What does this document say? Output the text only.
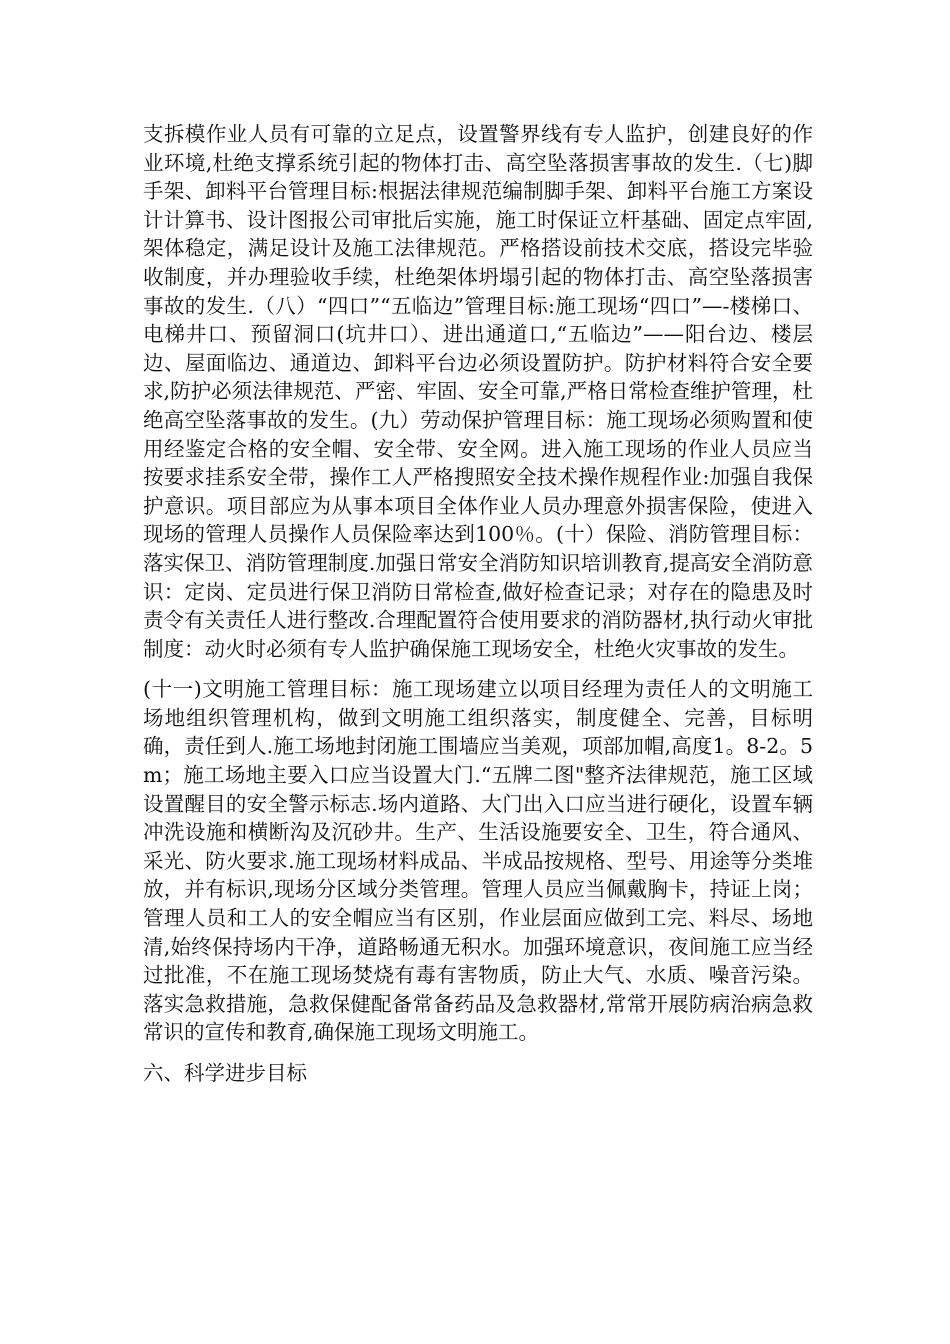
支拆模作业人员有可靠的立足点，设置警界线有专人监护，创建良好的作业环境,杜绝支撑系统引起的物体打击、高空坠落损害事故的发生.（七)脚手架、卸料平台管理目标:根据法律规范编制脚手架、卸料平台施工方案设计计算书、设计图报公司审批后实施，施工时保证立杆基础、固定点牢固,架体稳定，满足设计及施工法律规范。严格搭设前技术交底，搭设完毕验收制度，并办理验收手续，杜绝架体坍塌引起的物体打击、高空坠落损害事故的发生.（八）“四口”“五临边”管理目标:施工现场“四口”—-楼梯口、电梯井口、预留洞口(坑井口）、进出通道口,“五临边”——阳台边、楼层边、屋面临边、通道边、卸料平台边必须设置防护。防护材料符合安全要求,防护必须法律规范、严密、牢固、安全可靠,严格日常检查维护管理，杜绝高空坠落事故的发生。(九）劳动保护管理目标：施工现场必须购置和使用经鉴定合格的安全帽、安全带、安全网。进入施工现场的作业人员应当按要求挂系安全带，操作工人严格搜照安全技术操作规程作业:加强自我保护意识。项目部应为从事本项目全体作业人员办理意外损害保险，使进入现场的管理人员操作人员保险率达到100％。(十）保险、消防管理目标：落实保卫、消防管理制度.加强日常安全消防知识培训教育,提高安全消防意识：定岗、定员进行保卫消防日常检查,做好检查记录；对存在的隐患及时责令有关责任人进行整改.合理配置符合使用要求的消防器材,执行动火审批制度：动火时必须有专人监护确保施工现场安全，杜绝火灾事故的发生。

(十一)文明施工管理目标：施工现场建立以项目经理为责任人的文明施工场地组织管理机构，做到文明施工组织落实，制度健全、完善，目标明确，责任到人.施工场地封闭施工围墙应当美观，项部加帽,高度1。8-2。5m；施工场地主要入口应当设置大门.“五牌二图"整齐法律规范，施工区域设置醒目的安全警示标志.场内道路、大门出入口应当进行硬化，设置车辆冲洗设施和横断沟及沉砂井。生产、生活设施要安全、卫生，符合通风、采光、防火要求.施工现场材料成品、半成品按规格、型号、用途等分类堆放，并有标识,现场分区域分类管理。管理人员应当佩戴胸卡，持证上岗；管理人员和工人的安全帽应当有区别，作业层面应做到工完、料尽、场地清,始终保持场内干净，道路畅通无积水。加强环境意识，夜间施工应当经过批准，不在施工现场焚烧有毒有害物质，防止大气、水质、噪音污染。落实急救措施，急救保健配备常备药品及急救器材,常常开展防病治病急救常识的宣传和教育,确保施工现场文明施工。

六、科学进步目标
